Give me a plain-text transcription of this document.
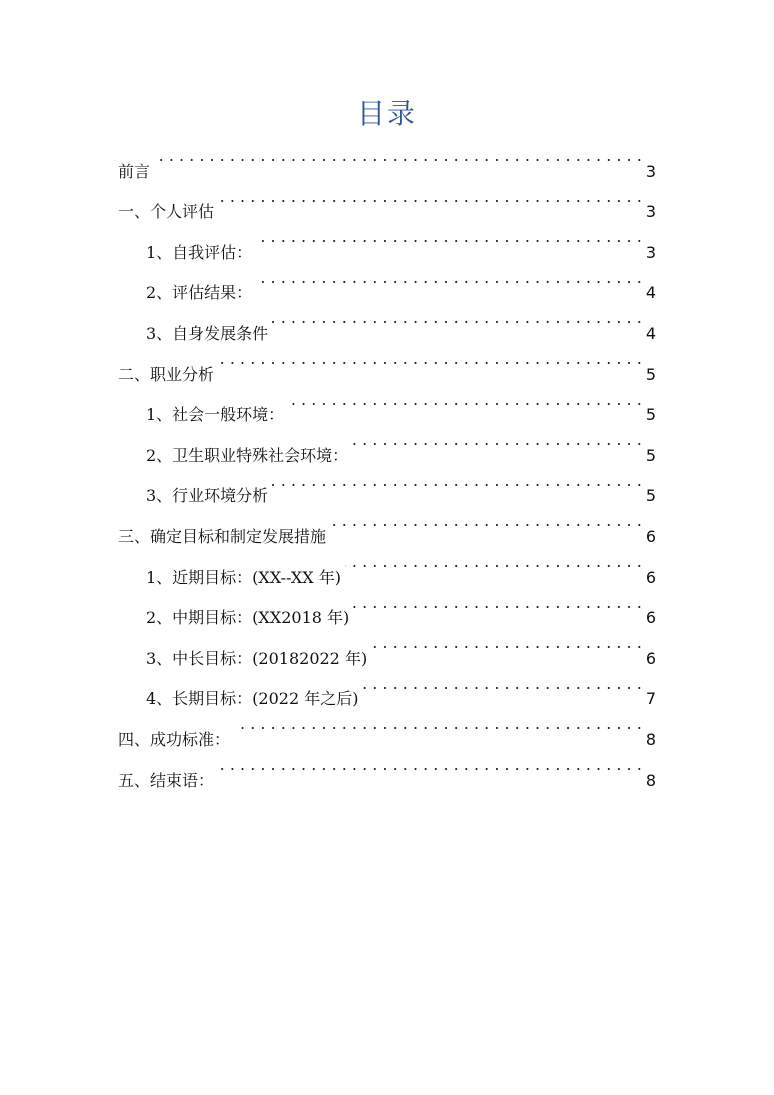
目录
前言 . . .	3
一、个人评估 . . .	3
1、自我评估： . . .	3
2、评估结果： . . .	4
3、自身发展条件 . . .	4
二、职业分析 . . .	5
1、社会一般环境： . . .	5
2、卫生职业特殊社会环境： . . .	5
3、行业环境分析 . . .	5
三、确定目标和制定发展措施 . . .	6
1、近期目标：(XX--XX 年) . . .	6
2、中期目标：(XX2018 年) . . .	6
3、中长目标：(20182022 年) . . .	6
4、长期目标：(2022 年之后) . . .	7
四、成功标准： . . .	8
五、结束语： . . .	8
